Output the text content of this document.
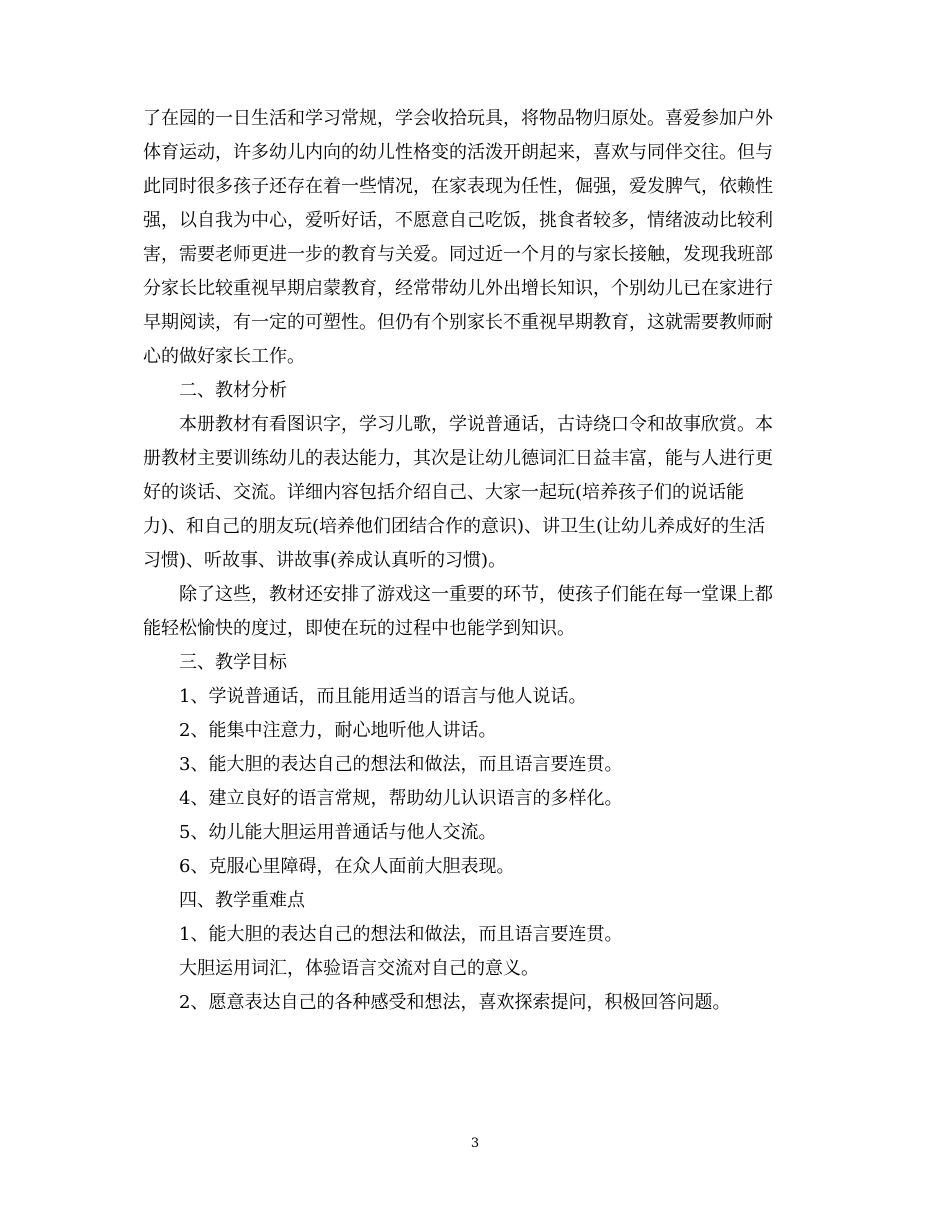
了在园的一日生活和学习常规，学会收拾玩具，将物品物归原处。喜爱参加户外

体育运动，许多幼儿内向的幼儿性格变的活泼开朗起来，喜欢与同伴交往。但与

此同时很多孩子还存在着一些情况，在家表现为任性，倔强，爱发脾气，依赖性

强，以自我为中心，爱听好话，不愿意自己吃饭，挑食者较多，情绪波动比较利

害，需要老师更进一步的教育与关爱。同过近一个月的与家长接触，发现我班部

分家长比较重视早期启蒙教育，经常带幼儿外出增长知识，个别幼儿已在家进行

早期阅读，有一定的可塑性。但仍有个别家长不重视早期教育，这就需要教师耐

心的做好家长工作。

二、教材分析

本册教材有看图识字，学习儿歌，学说普通话，古诗绕口令和故事欣赏。本

册教材主要训练幼儿的表达能力，其次是让幼儿德词汇日益丰富，能与人进行更

好的谈话、交流。详细内容包括介绍自己、大家一起玩(培养孩子们的说话能

力)、和自己的朋友玩(培养他们团结合作的意识)、讲卫生(让幼儿养成好的生活

习惯)、听故事、讲故事(养成认真听的习惯)。

除了这些，教材还安排了游戏这一重要的环节，使孩子们能在每一堂课上都

能轻松愉快的度过，即使在玩的过程中也能学到知识。

三、教学目标

1、学说普通话，而且能用适当的语言与他人说话。

2、能集中注意力，耐心地听他人讲话。

3、能大胆的表达自己的想法和做法，而且语言要连贯。

4、建立良好的语言常规，帮助幼儿认识语言的多样化。

5、幼儿能大胆运用普通话与他人交流。

6、克服心里障碍，在众人面前大胆表现。

四、教学重难点

1、能大胆的表达自己的想法和做法，而且语言要连贯。

大胆运用词汇，体验语言交流对自己的意义。

2、愿意表达自己的各种感受和想法，喜欢探索提问，积极回答问题。

3
